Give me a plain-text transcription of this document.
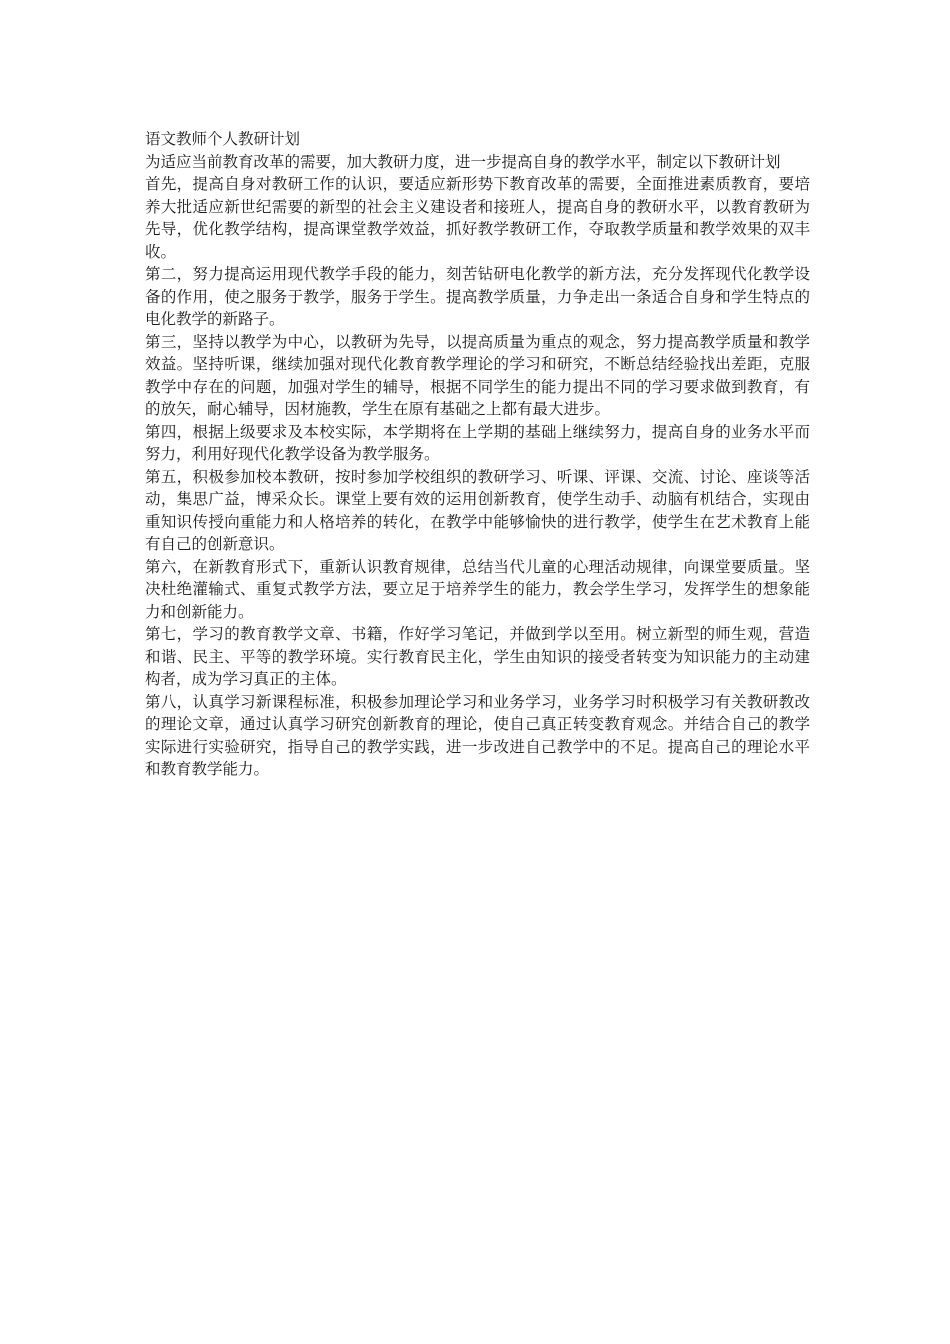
语文教师个人教研计划

为适应当前教育改革的需要，加大教研力度，进一步提高自身的教学水平，制定以下教研计划

首先，提高自身对教研工作的认识，要适应新形势下教育改革的需要，全面推进素质教育，要培养大批适应新世纪需要的新型的社会主义建设者和接班人，提高自身的教研水平，以教育教研为先导，优化教学结构，提高课堂教学效益，抓好教学教研工作，夺取教学质量和教学效果的双丰收。

第二，努力提高运用现代教学手段的能力，刻苦钻研电化教学的新方法，充分发挥现代化教学设备的作用，使之服务于教学，服务于学生。提高教学质量，力争走出一条适合自身和学生特点的电化教学的新路子。

第三，坚持以教学为中心，以教研为先导，以提高质量为重点的观念，努力提高教学质量和教学效益。坚持听课，继续加强对现代化教育教学理论的学习和研究，不断总结经验找出差距，克服教学中存在的问题，加强对学生的辅导，根据不同学生的能力提出不同的学习要求做到教育，有的放矢，耐心辅导，因材施教，学生在原有基础之上都有最大进步。

第四，根据上级要求及本校实际，本学期将在上学期的基础上继续努力，提高自身的业务水平而努力，利用好现代化教学设备为教学服务。

第五，积极参加校本教研，按时参加学校组织的教研学习、听课、评课、交流、讨论、座谈等活动，集思广益，博采众长。课堂上要有效的运用创新教育，使学生动手、动脑有机结合，实现由重知识传授向重能力和人格培养的转化，在教学中能够愉快的进行教学，使学生在艺术教育上能有自己的创新意识。

第六，在新教育形式下，重新认识教育规律，总结当代儿童的心理活动规律，向课堂要质量。坚决杜绝灌输式、重复式教学方法，要立足于培养学生的能力，教会学生学习，发挥学生的想象能力和创新能力。

第七，学习的教育教学文章、书籍，作好学习笔记，并做到学以至用。树立新型的师生观，营造和谐、民主、平等的教学环境。实行教育民主化，学生由知识的接受者转变为知识能力的主动建构者，成为学习真正的主体。

第八，认真学习新课程标准，积极参加理论学习和业务学习，业务学习时积极学习有关教研教改的理论文章，通过认真学习研究创新教育的理论，使自己真正转变教育观念。并结合自己的教学实际进行实验研究，指导自己的教学实践，进一步改进自己教学中的不足。提高自己的理论水平和教育教学能力。
